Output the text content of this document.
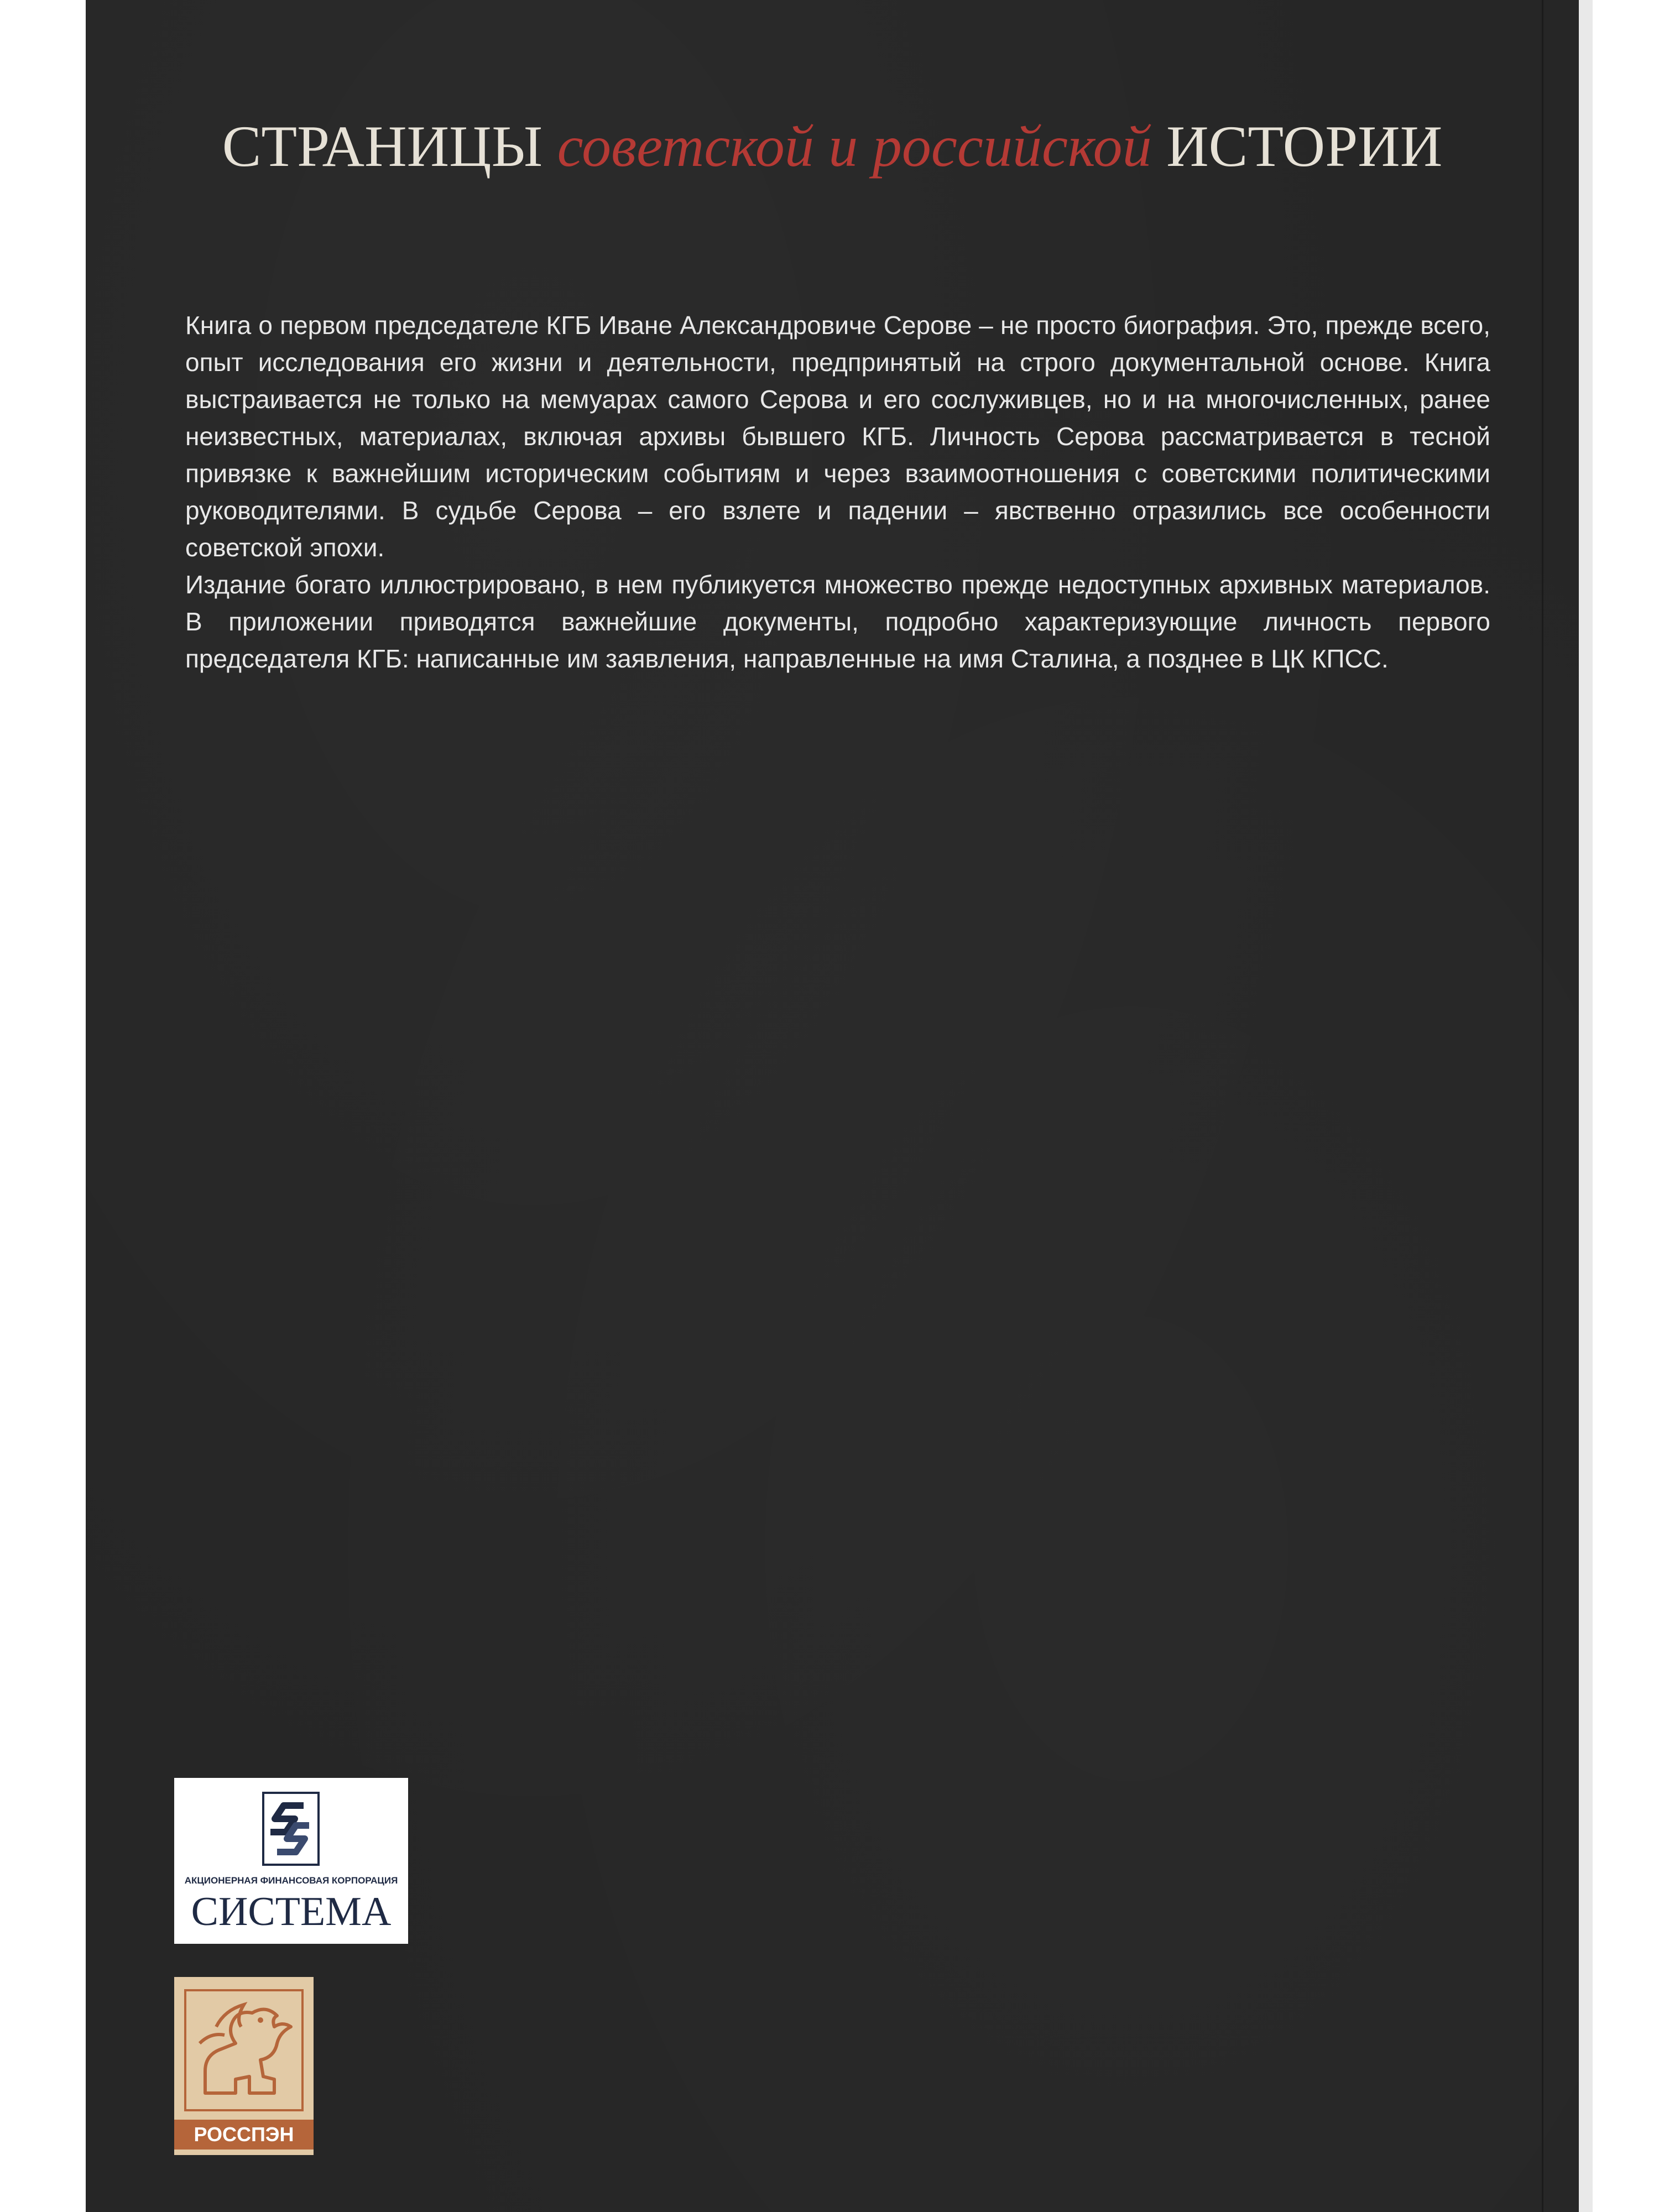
СТРАНИЦЫ советской и российской ИСТОРИИ

Книга о первом председателе КГБ Иване Александровиче Серове – не просто биография. Это, прежде всего, опыт исследования его жизни и деятельности, предпринятый на строго документальной основе. Книга выстраивается не только на мемуарах самого Серова и его сослуживцев, но и на многочисленных, ранее неизвестных, материалах, включая архивы бывшего КГБ. Личность Серова рассматривается в тесной привязке к важнейшим историческим событиям и через взаимоотношения с советскими политическими руководителями. В судьбе Серова – его взлете и падении – явственно отразились все особенности советской эпохи.

Издание богато иллюстрировано, в нем публикуется множество прежде недоступных архивных материалов. В приложении приводятся важнейшие документы, подробно характеризующие личность первого председателя КГБ: написанные им заявления, направленные на имя Сталина, а позднее в ЦК КПСС.

АКЦИОНЕРНАЯ ФИНАНСОВАЯ КОРПОРАЦИЯ
СИСТЕМА
РОССПЭН
